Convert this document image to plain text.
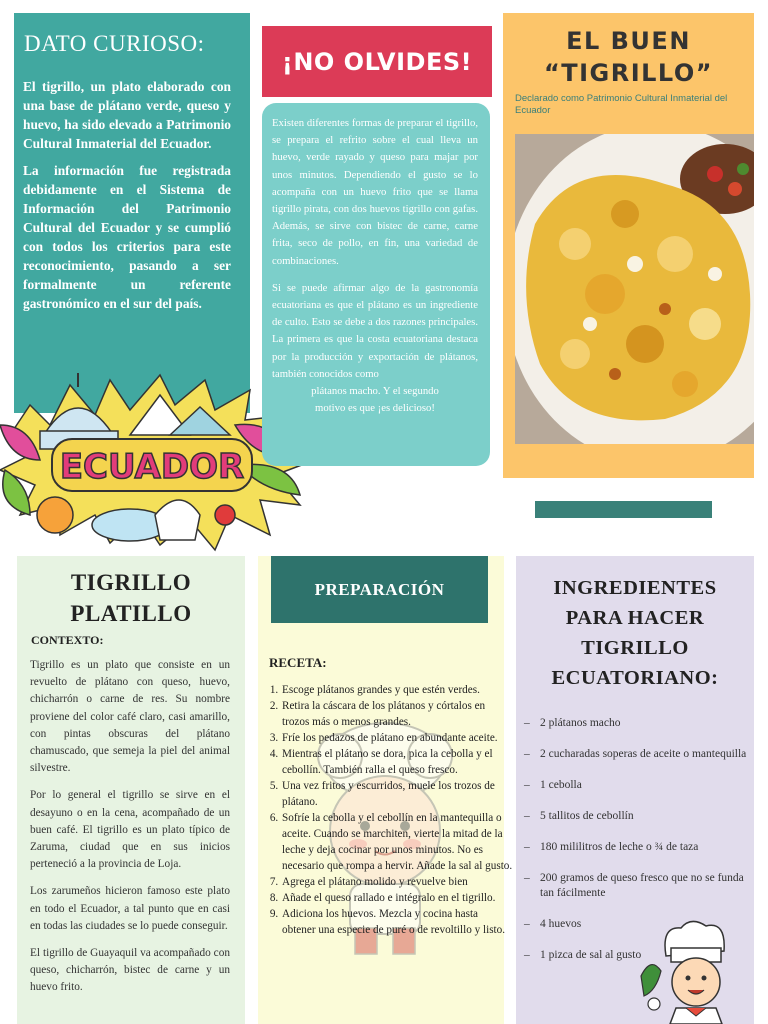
DATO CURIOSO:

El tigrillo, un plato elaborado con una base de plátano verde, queso y huevo, ha sido elevado a Patrimonio Cultural Inmaterial del Ecuador.

La información fue registrada debidamente en el Sistema de Información del Patrimonio Cultural del Ecuador y se cumplió con todos los criterios para este reconocimiento, pasando a ser formalmente un referente gastronómico en el sur del país.

ECUADOR
¡NO OLVIDES!

Existen diferentes formas de preparar el tigrillo, se prepara el refrito sobre el cual lleva un huevo, verde rayado y queso para majar por unos minutos. Dependiendo el gusto se lo acompaña con un huevo frito que se llama tigrillo pirata, con dos huevos tigrillo con gafas. Además, se sirve con bistec de carne, carne frita, seco de pollo, en fin, una variedad de combinaciones.

Si se puede afirmar algo de la gastronomía ecuatoriana es que el plátano es un ingrediente de culto. Esto se debe a dos razones principales. La primera es que la costa ecuatoriana destaca por la producción y exportación de plátanos, también conocidos como

plátanos macho. Y el segundo
motivo es que ¡es delicioso!
EL BUEN
“TIGRILLO”
Declarado como Patrimonio Cultural Inmaterial del Ecuador
TIGRILLO
PLATILLO
CONTEXTO:

Tigrillo es un plato que consiste en un revuelto de plátano con queso, huevo, chicharrón o carne de res. Su nombre proviene del color café claro, casi amarillo, con pintas obscuras del plátano chamuscado, que semeja la piel del animal silvestre.

Por lo general el tigrillo se sirve en el desayuno o en la cena, acompañado de un buen café. El tigrillo es un plato típico de Zaruma, ciudad que en sus inicios perteneció a la provincia de Loja.

Los zarumeños hicieron famoso este plato en todo el Ecuador, a tal punto que en casi en todas las ciudades se lo puede conseguir.

El tigrillo de Guayaquil va acompañado con queso, chicharrón, bistec de carne y un huevo frito.

PREPARACIÓN
RECETA:
1. Escoge plátanos grandes y que estén verdes.
2. Retira la cáscara de los plátanos y córtalos en trozos más o menos grandes.
3. Fríe los pedazos de plátano en abundante aceite.
4. Mientras el plátano se dora, pica la cebolla y el cebollín. También ralla el queso fresco.
5. Una vez fritos y escurridos, muele los trozos de plátano.
6. Sofríe la cebolla y el cebollín en la mantequilla o aceite. Cuando se marchiten, vierte la mitad de la leche y deja cocinar por unos minutos. No es necesario que rompa a hervir. Añade la sal al gusto.
7. Agrega el plátano molido y revuelve bien
8. Añade el queso rallado e intégralo en el tigrillo.
9. Adiciona los huevos. Mezcla y cocina hasta obtener una especie de puré o de revoltillo y listo.
INGREDIENTES
PARA HACER
TIGRILLO
ECUATORIANO:
– 2 plátanos macho
– 2 cucharadas soperas de aceite o mantequilla
– 1 cebolla
– 5 tallitos de cebollín
– 180 mililitros de leche o ¾ de taza
– 200 gramos de queso fresco que no se funda tan fácilmente
– 4 huevos
– 1 pizca de sal al gusto
